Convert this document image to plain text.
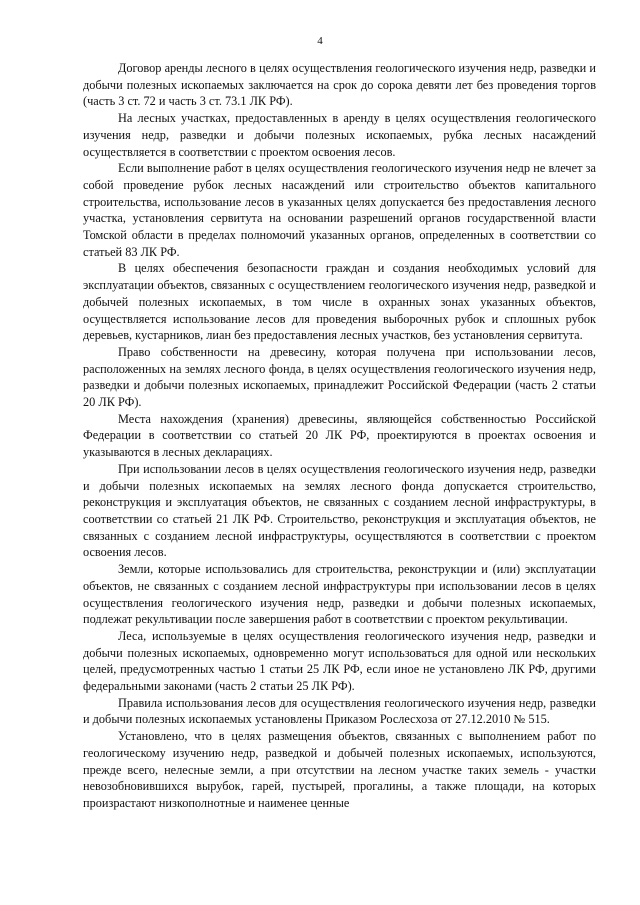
4

Договор аренды лесного в целях осуществления геологического изучения недр, разведки и добычи полезных ископаемых заключается на срок до сорока девяти лет без проведения торгов (часть 3 ст. 72 и часть 3 ст. 73.1 ЛК РФ).

На лесных участках, предоставленных в аренду в целях осуществления геологического изучения недр, разведки и добычи полезных ископаемых, рубка лесных насаждений осуществляется в соответствии с проектом освоения лесов.

Если выполнение работ в целях осуществления геологического изучения недр не влечет за собой проведение рубок лесных насаждений или строительство объектов капитального строительства, использование лесов в указанных целях допускается без предоставления лесного участка, установления сервитута на основании разрешений органов государственной власти Томской области в пределах полномочий указанных органов, определенных в соответствии со статьей 83 ЛК РФ.

В целях обеспечения безопасности граждан и создания необходимых условий для эксплуатации объектов, связанных с осуществлением геологического изучения недр, разведкой и добычей полезных ископаемых, в том числе в охранных зонах указанных объектов, осуществляется использование лесов для проведения выборочных рубок и сплошных рубок деревьев, кустарников, лиан без предоставления лесных участков, без установления сервитута.

Право собственности на древесину, которая получена при использовании лесов, расположенных на землях лесного фонда, в целях осуществления геологического изучения недр, разведки и добычи полезных ископаемых, принадлежит Российской Федерации (часть 2 статьи 20 ЛК РФ).

Места нахождения (хранения) древесины, являющейся собственностью Российской Федерации в соответствии со статьей 20 ЛК РФ, проектируются в проектах освоения и указываются в лесных декларациях.

При использовании лесов в целях осуществления геологического изучения недр, разведки и добычи полезных ископаемых на землях лесного фонда допускается строительство, реконструкция и эксплуатация объектов, не связанных с созданием лесной инфраструктуры, в соответствии со статьей 21 ЛК РФ. Строительство, реконструкция и эксплуатация объектов, не связанных с созданием лесной инфраструктуры, осуществляются в соответствии с проектом освоения лесов.

Земли, которые использовались для строительства, реконструкции и (или) эксплуатации объектов, не связанных с созданием лесной инфраструктуры при использовании лесов в целях осуществления геологического изучения недр, разведки и добычи полезных ископаемых, подлежат рекультивации после завершения работ в соответствии с проектом рекультивации.

Леса, используемые в целях осуществления геологического изучения недр, разведки и добычи полезных ископаемых, одновременно могут использоваться для одной или нескольких целей, предусмотренных частью 1 статьи 25 ЛК РФ, если иное не установлено ЛК РФ, другими федеральными законами (часть 2 статьи 25 ЛК РФ).

Правила использования лесов для осуществления геологического изучения недр, разведки и добычи полезных ископаемых установлены Приказом Рослесхоза от 27.12.2010 № 515.

Установлено, что в целях размещения объектов, связанных с выполнением работ по геологическому изучению недр, разведкой и добычей полезных ископаемых, используются, прежде всего, нелесные земли, а при отсутствии на лесном участке таких земель - участки невозобновившихся вырубок, гарей, пустырей, прогалины, а также площади, на которых произрастают низкополнотные и наименее ценные
